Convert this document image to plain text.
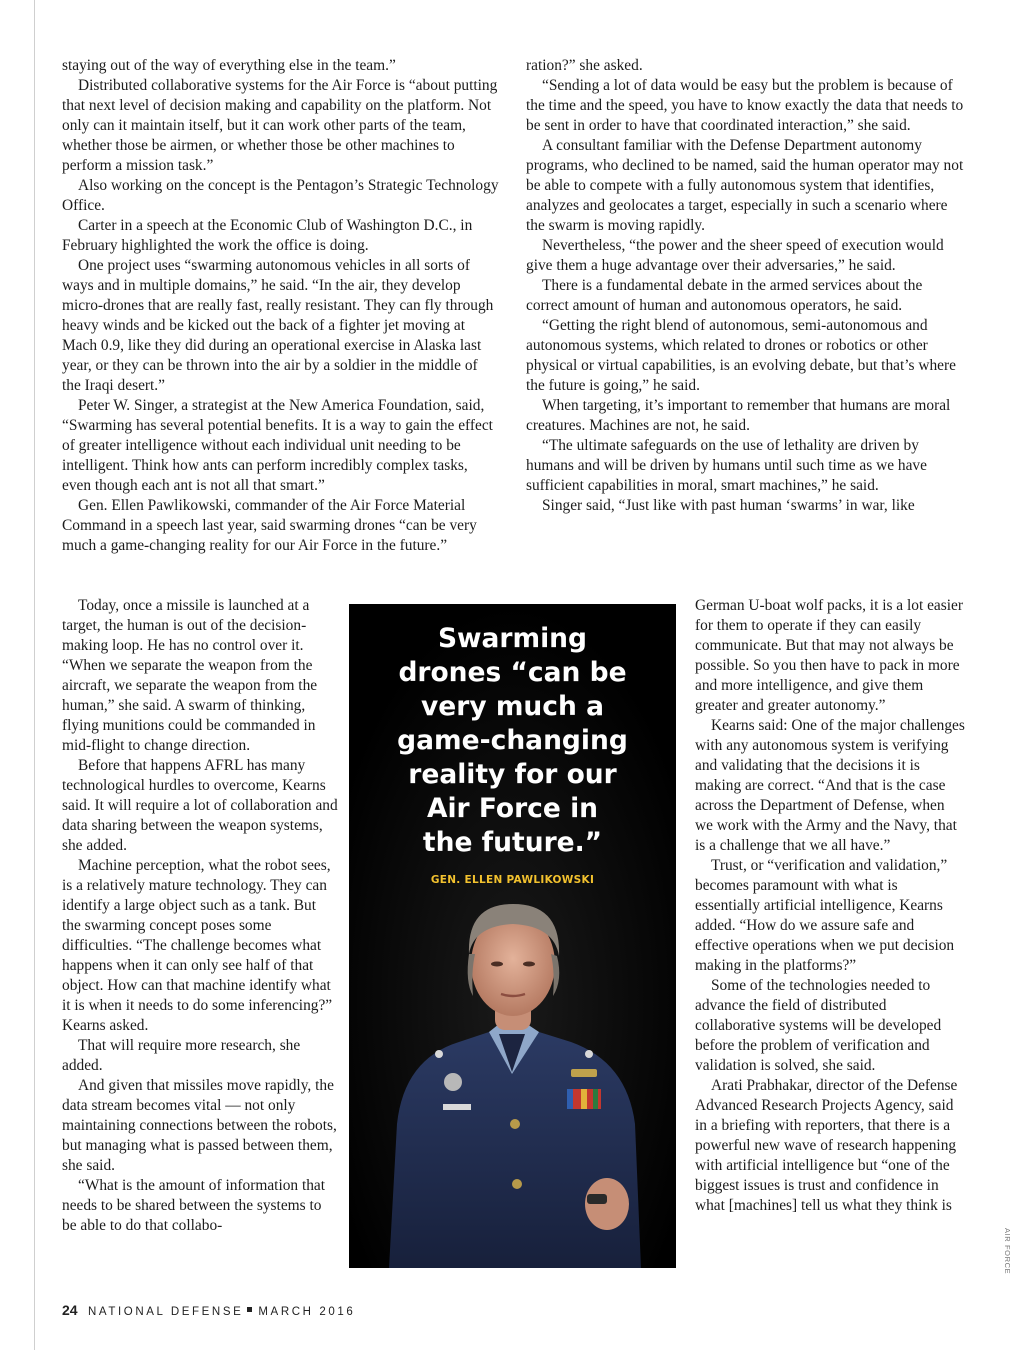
staying out of the way of everything else in the team.”

Distributed collaborative systems for the Air Force is “about putting that next level of decision making and capability on the platform. Not only can it maintain itself, but it can work other parts of the team, whether those be airmen, or whether those be other machines to perform a mission task.”

Also working on the concept is the Pentagon’s Strategic Technology Office.

Carter in a speech at the Economic Club of Washington D.C., in February highlighted the work the office is doing.

One project uses “swarming autonomous vehicles in all sorts of ways and in multiple domains,” he said. “In the air, they develop micro-drones that are really fast, really resistant. They can fly through heavy winds and be kicked out the back of a fighter jet moving at Mach 0.9, like they did during an operational exercise in Alaska last year, or they can be thrown into the air by a soldier in the middle of the Iraqi desert.”

Peter W. Singer, a strategist at the New America Foundation, said, “Swarming has several potential benefits. It is a way to gain the effect of greater intelligence without each individual unit needing to be intelligent. Think how ants can perform incredibly complex tasks, even though each ant is not all that smart.”

Gen. Ellen Pawlikowski, commander of the Air Force Material Command in a speech last year, said swarming drones “can be very much a game-changing reality for our Air Force in the future.”

Today, once a missile is launched at a target, the human is out of the decision-making loop. He has no control over it. “When we separate the weapon from the aircraft, we separate the weapon from the human,” she said. A swarm of thinking, flying munitions could be commanded in mid-flight to change direction.

Before that happens AFRL has many technological hurdles to overcome, Kearns said. It will require a lot of collaboration and data sharing between the weapon systems, she added.

Machine perception, what the robot sees, is a relatively mature technology. They can identify a large object such as a tank. But the swarming concept poses some difficulties. “The challenge becomes what happens when it can only see half of that object. How can that machine identify what it is when it needs to do some inferencing?” Kearns asked.

That will require more research, she added.

And given that missiles move rapidly, the data stream becomes vital — not only maintaining connections between the robots, but managing what is passed between them, she said.

“What is the amount of information that needs to be shared between the systems to be able to do that collabo-

ration?” she asked.

“Sending a lot of data would be easy but the problem is because of the time and the speed, you have to know exactly the data that needs to be sent in order to have that coordinated interaction,” she said.

A consultant familiar with the Defense Department autonomy programs, who declined to be named, said the human operator may not be able to compete with a fully autonomous system that identifies, analyzes and geolocates a target, especially in such a scenario where the swarm is moving rapidly.

Nevertheless, “the power and the sheer speed of execution would give them a huge advantage over their adversaries,” he said.

There is a fundamental debate in the armed services about the correct amount of human and autonomous operators, he said.

“Getting the right blend of autonomous, semi-autonomous and autonomous systems, which related to drones or robotics or other physical or virtual capabilities, is an evolving debate, but that’s where the future is going,” he said.

When targeting, it’s important to remember that humans are moral creatures. Machines are not, he said.

“The ultimate safeguards on the use of lethality are driven by humans and will be driven by humans until such time as we have sufficient capabilities in moral, smart machines,” he said.

Singer said, “Just like with past human ‘swarms’ in war, like

German U-boat wolf packs, it is a lot easier for them to operate if they can easily communicate. But that may not always be possible. So you then have to pack in more and more intelligence, and give them greater and greater autonomy.”

Kearns said: One of the major challenges with any autonomous system is verifying and validating that the decisions it is making are correct. “And that is the case across the Department of Defense, when we work with the Army and the Navy, that is a challenge that we all have.”

Trust, or “verification and validation,” becomes paramount with what is essentially artificial intelligence, Kearns added. “How do we assure safe and effective operations when we put decision making in the platforms?”

Some of the technologies needed to advance the field of distributed collaborative systems will be developed before the problem of verification and validation is solved, she said.

Arati Prabhakar, director of the Defense Advanced Research Projects Agency, said in a briefing with reporters, that there is a powerful new wave of research happening with artificial intelligence but “one of the biggest issues is trust and confidence in what [machines] tell us what they think is

Swarming
drones “can be
very much a
game-changing
reality for our
Air Force in
the future.”
GEN. ELLEN PAWLIKOWSKI
AIR FORCE
24 NATIONAL DEFENSE MARCH 2016
